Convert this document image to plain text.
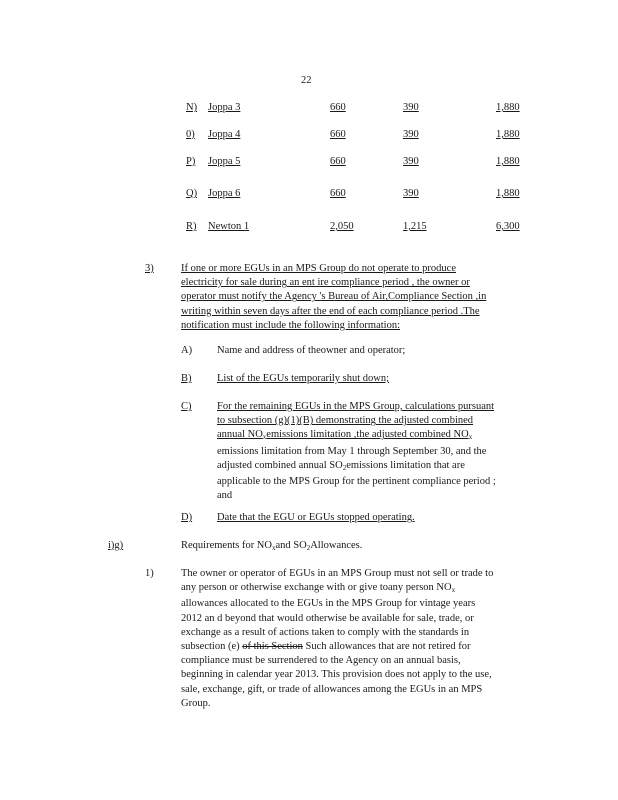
22
N) Joppa 3	660	390	1,880
0) Joppa 4	660	390	1,880
P) Joppa 5	660	390	1,880
Q) Joppa 6	660	390	1,880
R) Newton 1	2,050	1,215	6,300
3)	If one or more EGUs in an MPS Group do not operate to produce
electricity for sale during an ent ire compliance period , the owner or
operator must notify the Agency 's Bureau of Air,Compliance Section ,in
writing within seven days after the end of each compliance period .The
notification must include the following information:
A) Name and address of theowner and operator;
B) List of the EGUs temporarily shut down;
C) For the remaining EGUs in the MPS Group, calculations pursuant
to subsection (g)(1)(B) demonstrating the adjusted combined
annual $NO_xemissions$ limitation ,the adjusted combined $NO_x$
emissions limitation from May 1 through September 30, and the
adjusted combined annual $SO_2emissions$ limitation that are
applicable to the MPS Group for the pertinent compliance period ;
and
D) Date that the EGU or EGUs stopped operating.
i)g)	Requirements for $NO_xand$ $SO_2Allowances$.
1)	The owner or operator of EGUs in an MPS Group must not sell or trade to
any person or otherwise exchange with or give toany person $NO_x$
allowances allocated to the EGUs in the MPS Group for vintage years
2012 an d beyond that would otherwise be available for sale, trade, or
exchange as a result of actions taken to comply with the standards in
subsection (e) of this Section Such allowances that are not retired for
compliance must be surrendered to the Agency on an annual basis,
beginning in calendar year 2013. This provision does not apply to the use,
sale, exchange, gift, or trade of allowances among the EGUs in an MPS
Group.
